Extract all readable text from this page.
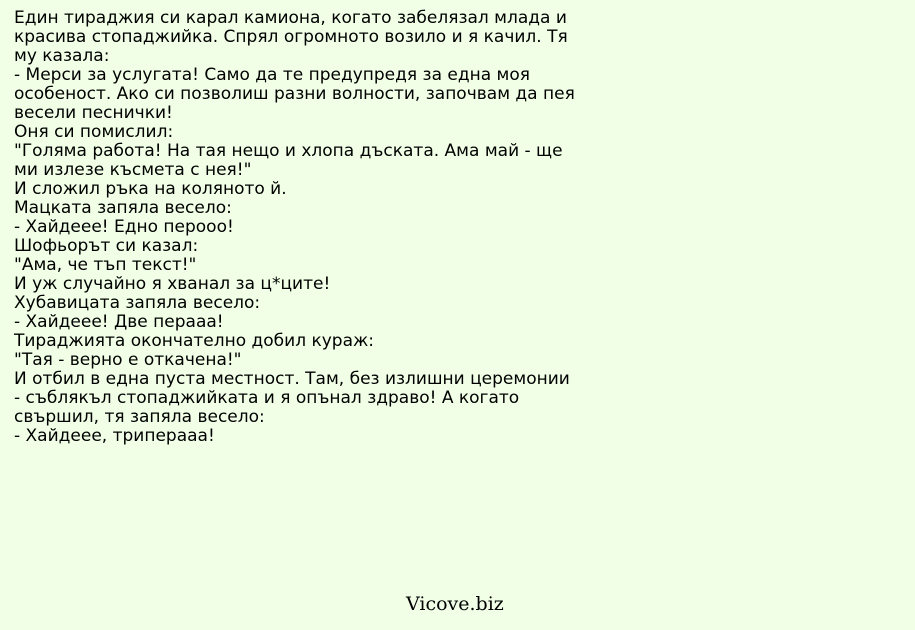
Един тираджия си карал камиона, когато забелязал млада и
красива стопаджийка. Спрял огромното возило и я качил. Тя
му казала:
- Мерси за услугата! Само да те предупредя за една моя
особеност. Ако си позволиш разни волности, започвам да пея
весели песнички!
Оня си помислил:
"Голяма работа! На тая нещо и хлопа дъската. Ама май - ще
ми излезе късмета с нея!"
И сложил ръка на коляното й.
Мацката запяла весело:
- Хайдеее! Едно перооо!
Шофьорът си казал:
"Ама, че тъп текст!"
И уж случайно я хванал за ц*ците!
Хубавицата запяла весело:
- Хайдеее! Две перааа!
Тираджията окончателно добил кураж:
"Тая - верно е откачена!"
И отбил в една пуста местност. Там, без излишни церемонии
- съблякъл стопаджийката и я опънал здраво! А когато
свършил, тя запяла весело:
- Хайдеее, трипераaa!
Vicove.biz
